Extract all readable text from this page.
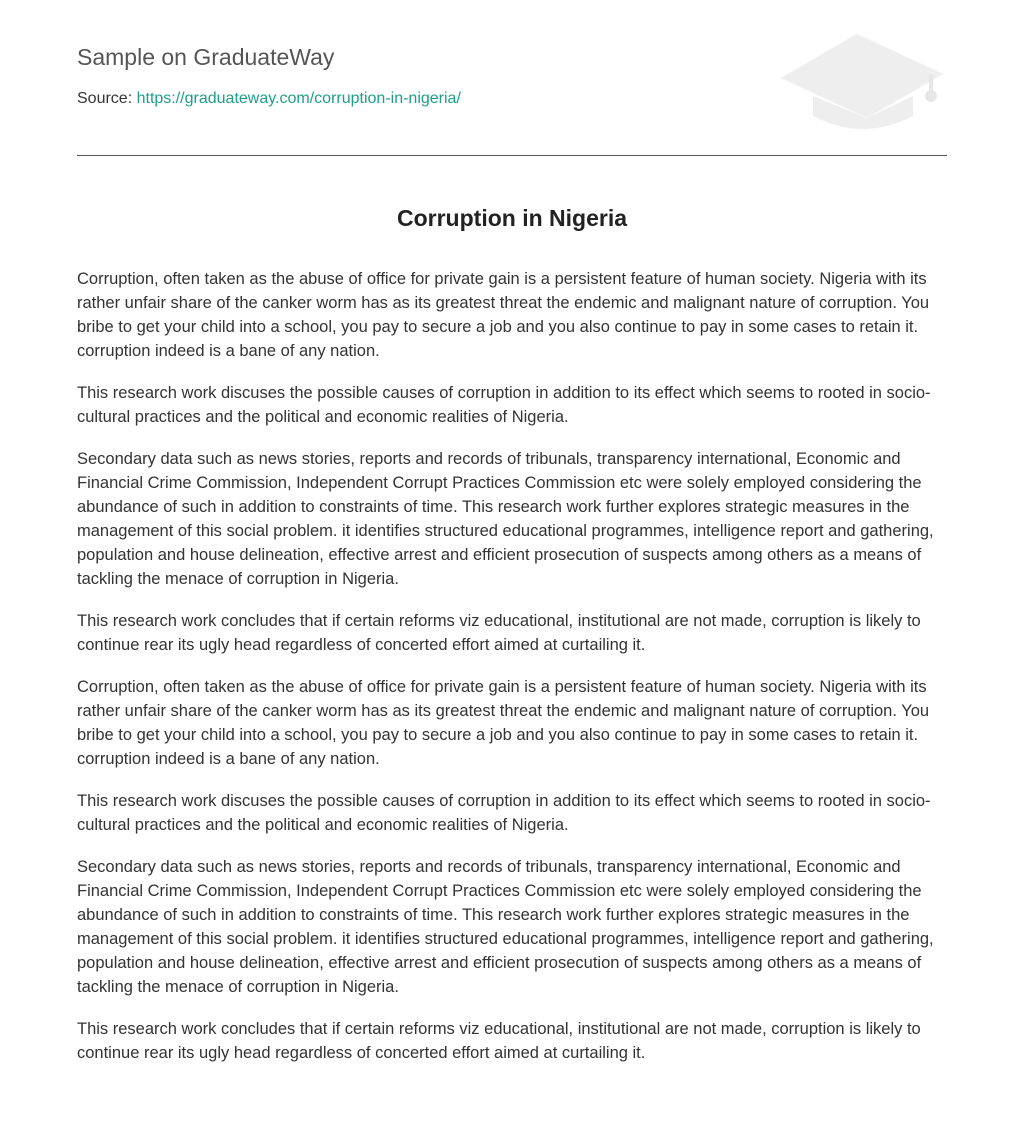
Sample on GraduateWay
Source: https://graduateway.com/corruption-in-nigeria/
Corruption in Nigeria

Corruption, often taken as the abuse of office for private gain is a persistent feature of human society. Nigeria with its rather unfair share of the canker worm has as its greatest threat the endemic and malignant nature of corruption. You bribe to get your child into a school, you pay to secure a job and you also continue to pay in some cases to retain it. corruption indeed is a bane of any nation.

This research work discuses the possible causes of corruption in addition to its effect which seems to rooted in socio- cultural practices and the political and economic realities of Nigeria.

Secondary data such as news stories, reports and records of tribunals, transparency international, Economic and Financial Crime Commission, Independent Corrupt Practices Commission etc were solely employed considering the abundance of such in addition to constraints of time. This research work further explores strategic measures in the management of this social problem. it identifies structured educational programmes, intelligence report and gathering, population and house delineation, effective arrest and efficient prosecution of suspects among others as a means of tackling the menace of corruption in Nigeria.

This research work concludes that if certain reforms viz educational, institutional are not made, corruption is likely to continue rear its ugly head regardless of concerted effort aimed at curtailing it.

Corruption, often taken as the abuse of office for private gain is a persistent feature of human society. Nigeria with its rather unfair share of the canker worm has as its greatest threat the endemic and malignant nature of corruption. You bribe to get your child into a school, you pay to secure a job and you also continue to pay in some cases to retain it. corruption indeed is a bane of any nation.

This research work discuses the possible causes of corruption in addition to its effect which seems to rooted in socio- cultural practices and the political and economic realities of Nigeria.

Secondary data such as news stories, reports and records of tribunals, transparency international, Economic and Financial Crime Commission, Independent Corrupt Practices Commission etc were solely employed considering the abundance of such in addition to constraints of time. This research work further explores strategic measures in the management of this social problem. it identifies structured educational programmes, intelligence report and gathering, population and house delineation, effective arrest and efficient prosecution of suspects among others as a means of tackling the menace of corruption in Nigeria.

This research work concludes that if certain reforms viz educational, institutional are not made, corruption is likely to continue rear its ugly head regardless of concerted effort aimed at curtailing it.
